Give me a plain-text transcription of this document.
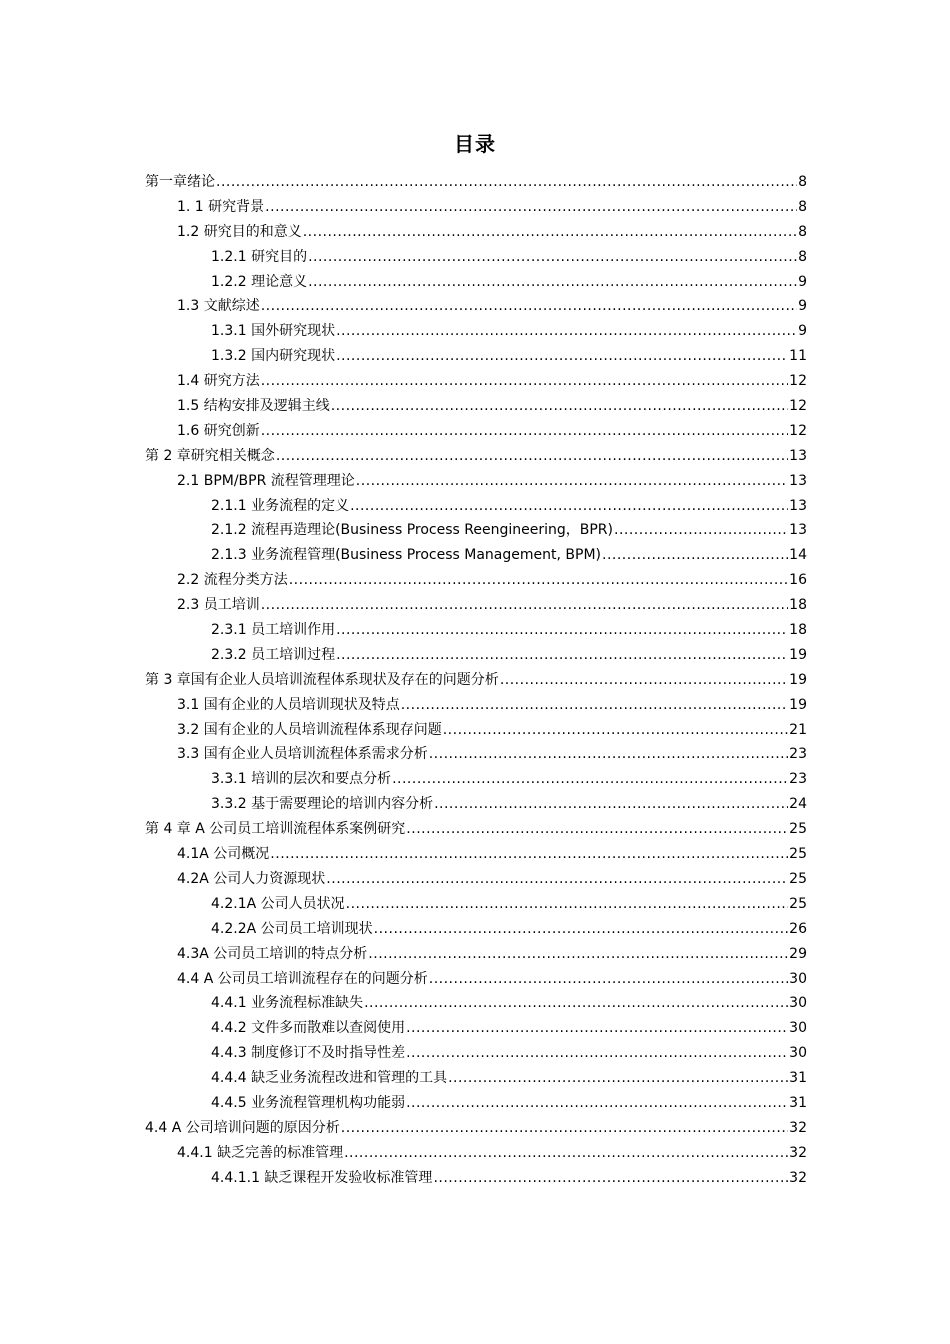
目录
第一章绪论 .....	8
1. 1 研究背景 .....	8
1.2 研究目的和意义 .....	8
1.2.1 研究目的 .....	8
1.2.2 理论意义 .....	9
1.3 文献综述 .....	9
1.3.1 国外研究现状 .....	9
1.3.2 国内研究现状 .....	11
1.4 研究方法 .....	12
1.5 结构安排及逻辑主线 .....	12
1.6 研究创新 .....	12
第 2 章研究相关概念 .....	13
2.1 BPM/BPR 流程管理理论 .....	13
2.1.1 业务流程的定义 .....	13
2.1.2 流程再造理论(Business Process Reengineering，BPR) .....	13
2.1.3 业务流程管理(Business Process Management, BPM) .....	14
2.2 流程分类方法 .....	16
2.3 员工培训 .....	18
2.3.1 员工培训作用 .....	18
2.3.2 员工培训过程 .....	19
第 3 章国有企业人员培训流程体系现状及存在的问题分析 .....	19
3.1 国有企业的人员培训现状及特点 .....	19
3.2 国有企业的人员培训流程体系现存问题 .....	21
3.3 国有企业人员培训流程体系需求分析 .....	23
3.3.1 培训的层次和要点分析 .....	23
3.3.2 基于需要理论的培训内容分析 .....	24
第 4 章 A 公司员工培训流程体系案例研究 .....	25
4.1A 公司概况 .....	25
4.2A 公司人力资源现状 .....	25
4.2.1A 公司人员状况 .....	25
4.2.2A 公司员工培训现状 .....	26
4.3A 公司员工培训的特点分析 .....	29
4.4 A 公司员工培训流程存在的问题分析 .....	30
4.4.1 业务流程标准缺失 .....	30
4.4.2 文件多而散难以查阅使用 .....	30
4.4.3 制度修订不及时指导性差 .....	30
4.4.4 缺乏业务流程改进和管理的工具 .....	31
4.4.5 业务流程管理机构功能弱 .....	31
4.4 A 公司培训问题的原因分析 .....	32
4.4.1 缺乏完善的标准管理 .....	32
4.4.1.1 缺乏课程开发验收标准管理 .....	32
